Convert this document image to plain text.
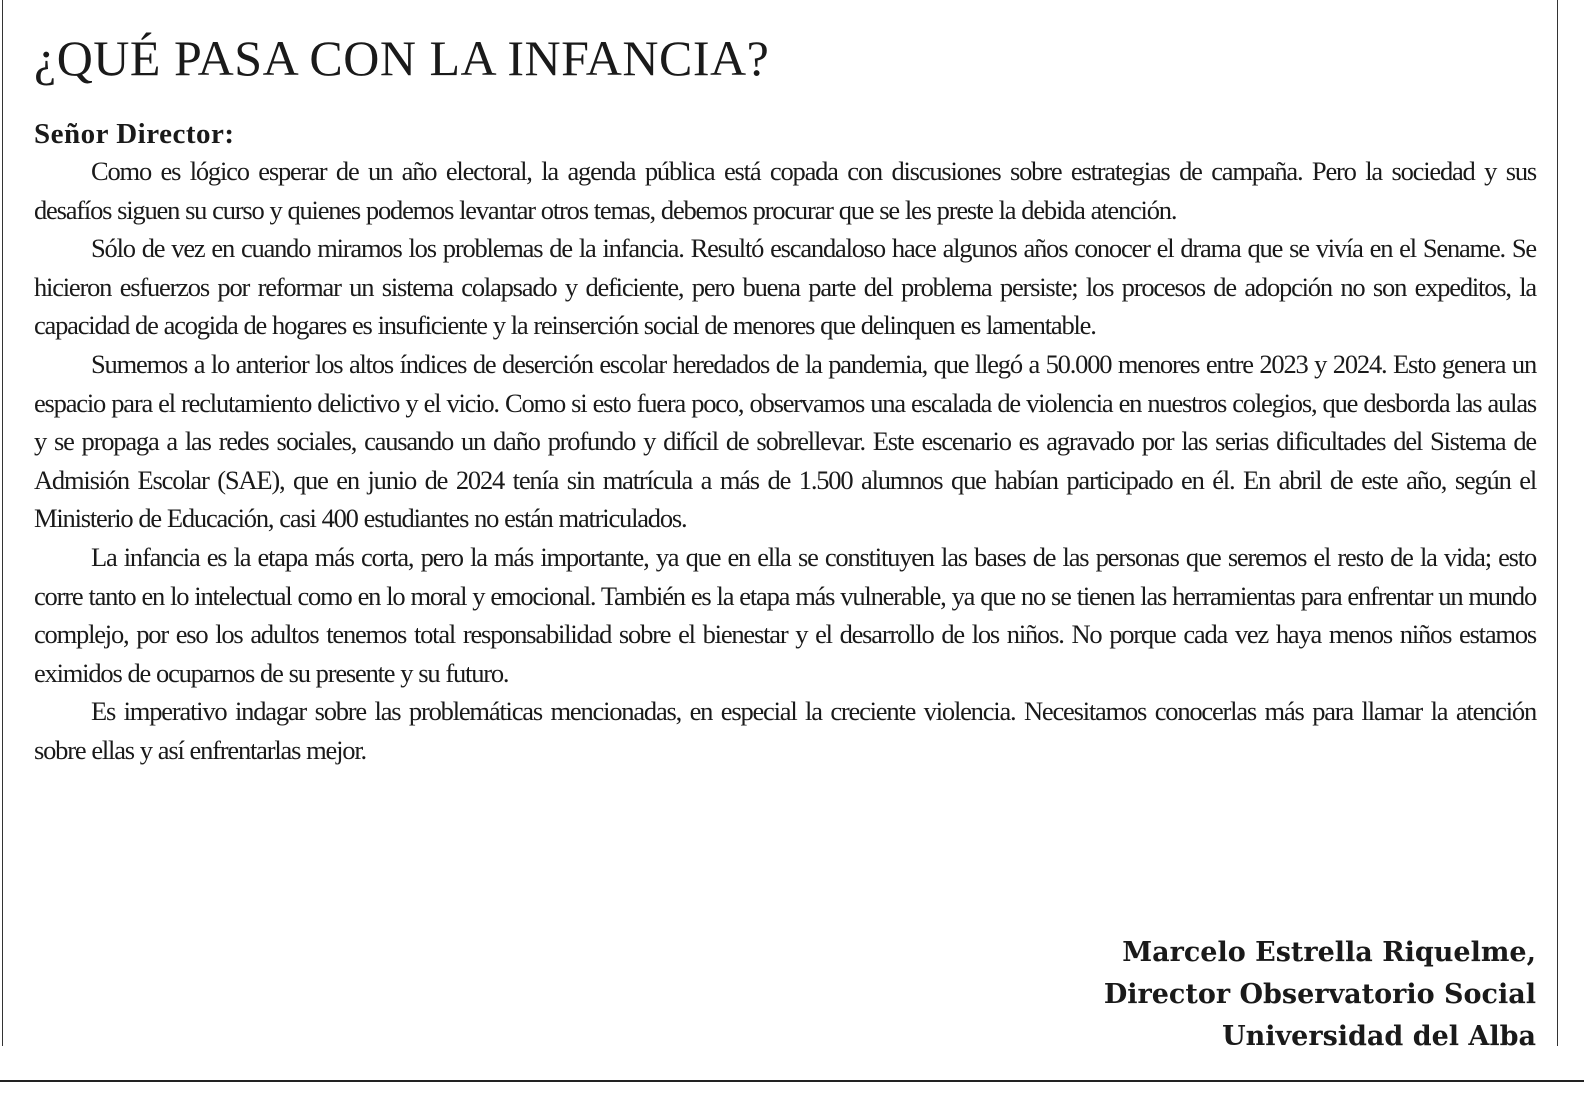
¿QUÉ PASA CON LA INFANCIA?
Señor Director:

Como es lógico esperar de un año electoral, la agenda pública está copada con discusiones sobre estrategias de campaña. Pero la sociedad y sus desafíos siguen su curso y quienes podemos levantar otros temas, debemos procurar que se les preste la debida atención.

Sólo de vez en cuando miramos los problemas de la infancia. Resultó escandaloso hace algunos años conocer el drama que se vivía en el Sename. Se hicieron esfuerzos por reformar un sistema colapsado y deficiente, pero buena parte del problema persiste; los procesos de adopción no son expeditos, la capacidad de acogida de hogares es insuficiente y la reinserción social de menores que delinquen es lamentable.

Sumemos a lo anterior los altos índices de deserción escolar heredados de la pandemia, que llegó a 50.000 menores entre 2023 y 2024. Esto genera un espacio para el reclutamiento delictivo y el vicio. Como si esto fuera poco, observamos una escalada de violencia en nuestros colegios, que desborda las aulas y se propaga a las redes sociales, causando un daño profundo y difícil de sobrellevar. Este escenario es agravado por las serias dificultades del Sistema de Admisión Escolar (SAE), que en junio de 2024 tenía sin matrícula a más de 1.500 alumnos que habían participado en él. En abril de este año, según el Ministerio de Educación, casi 400 estudiantes no están matriculados.

La infancia es la etapa más corta, pero la más importante, ya que en ella se constituyen las bases de las personas que seremos el resto de la vida; esto corre tanto en lo intelectual como en lo moral y emocional. También es la etapa más vulnerable, ya que no se tienen las herramientas para enfrentar un mundo complejo, por eso los adultos tenemos total responsabilidad sobre el bienestar y el desarrollo de los niños. No porque cada vez haya menos niños estamos eximidos de ocuparnos de su presente y su futuro.

Es imperativo indagar sobre las problemáticas mencionadas, en especial la creciente violencia. Necesitamos conocerlas más para llamar la atención sobre ellas y así enfrentarlas mejor.

Marcelo Estrella Riquelme,
Director Observatorio Social
Universidad del Alba
